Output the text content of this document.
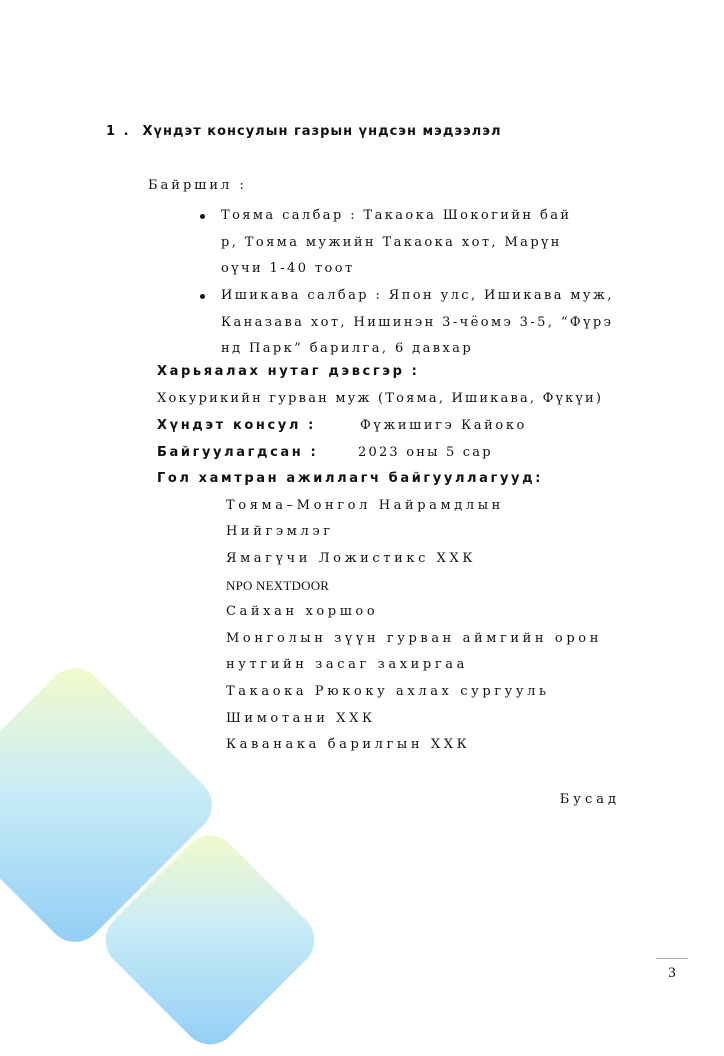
1 . Хүндэт консулын газрын үндсэн мэдээлэл
Байршил :
Тоямa салбар : Такаока Шокогийн бай
р, Тояма мужийн Такаока хот, Марүн
оүчи 1-40 тоот
Ишикава салбар : Япон улс, Ишикава муж,
Каназава хот, Нишинэн 3-чёомэ 3-5, “Фүрэ
нд Парк” барилга, 6 давхар
Харьяалах нутаг дэвсгэр :
Хокурикийн гурван муж (Тояма, Ишикава, Фүкүи)
Хүндэт консул :	Фүжишигэ Кайоко
Байгуулагдсан :	2023 оны 5 сар
Гол хамтран ажиллагч байгууллагууд:
Тояма–Монгол Найрамдлын
Нийгэмлэг
Ямагүчи Ложистикс ХХК
NPO NEXTDOOR
Сайхан хоршоо
Монголын зүүн гурван аймгийн орон
нутгийн засаг захиргаа
Такаока Рюкоку ахлах сургууль
Шимотани ХХК
Каванака барилгын ХХК
Бусад
3
